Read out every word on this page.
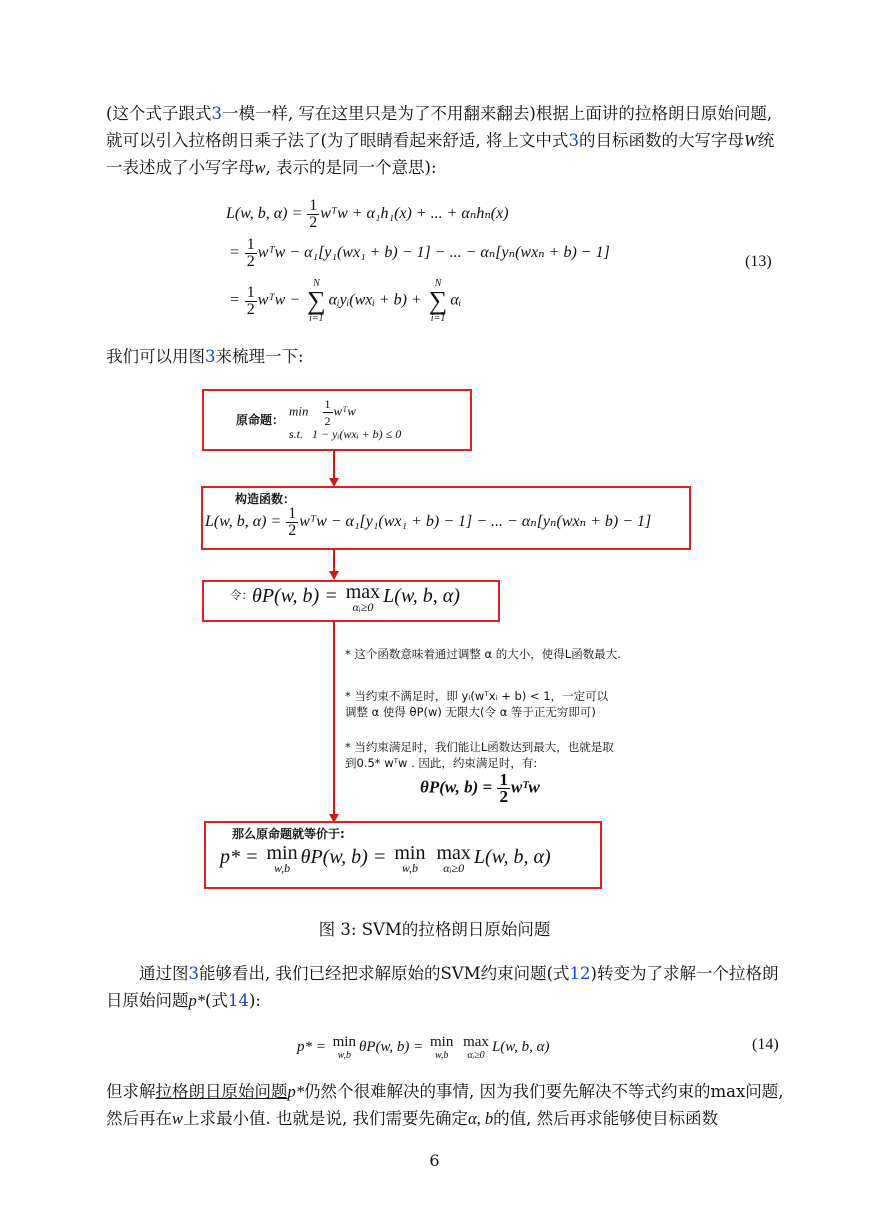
(这个式子跟式3一模一样, 写在这里只是为了不用翻来翻去)根据上面讲的拉格朗日原始问题, 就可以引入拉格朗日乘子法了(为了眼睛看起来舒适, 将上文中式3的目标函数的大写字母W统一表述成了小写字母w, 表示的是同一个意思):

L(w, b, $\alpha) = \frac{1}{2}$ wᵀw + α₁h₁(x) + ... + αₙhₙ(x)
= $\frac{1}{2}$ wᵀw − α₁[y₁(wx₁ + b) − 1] − ... − αₙ[yₙ(wxₙ + b) − 1]
= $\frac{1}{2}$ wᵀw −
N
∑
i=1
αᵢyᵢ(wxᵢ + b) +
N
∑
i=1
αᵢ
(13)

我们可以用图3来梳理一下:

原命题：
$\min \frac{1}{2}$ wᵀw
s.t. 1 − yᵢ(wxᵢ + b) ≤ 0
构造函数：
L(w, b, $\alpha) = \frac{1}{2}$ wᵀw − α₁[y₁(wx₁ + b) − 1] − ... − αₙ[yₙ(wxₙ + b) − 1]
令： θP(w, b) = max
αᵢ≥0 L(w, b, α)
* 这个函数意味着通过调整 α 的大小，使得L函数最大.
* 当约束不满足时，即 yᵢ(wᵀxᵢ + b) < 1，一定可以
调整 α 使得 θP(w) 无限大(令 α 等于正无穷即可)
* 当约束满足时，我们能让L函数达到最大，也就是取
到0.5* wᵀw . 因此，约束满足时，有:
θP(w, $b) = \frac{1}{2}$ wᵀw
那么原命题就等价于:
p* = min
w,b θP(w, b) = min
w,b

max
αᵢ≥0 L(w, b, α)
图 3: SVM的拉格朗日原始问题

通过图3能够看出, 我们已经把求解原始的SVM约束问题(式12)转变为了求解一个拉格朗日原始问题p*(式14):

p* = min
w,b
θP(w, b) = min
w,b

max
αᵢ≥0
L(w, b, α)	(14)

但求解拉格朗日原始问题p*仍然个很难解决的事情, 因为我们要先解决不等式约束的max问题, 然后再在w上求最小值. 也就是说, 我们需要先确定α, b的值, 然后再求能够使目标函数

6
